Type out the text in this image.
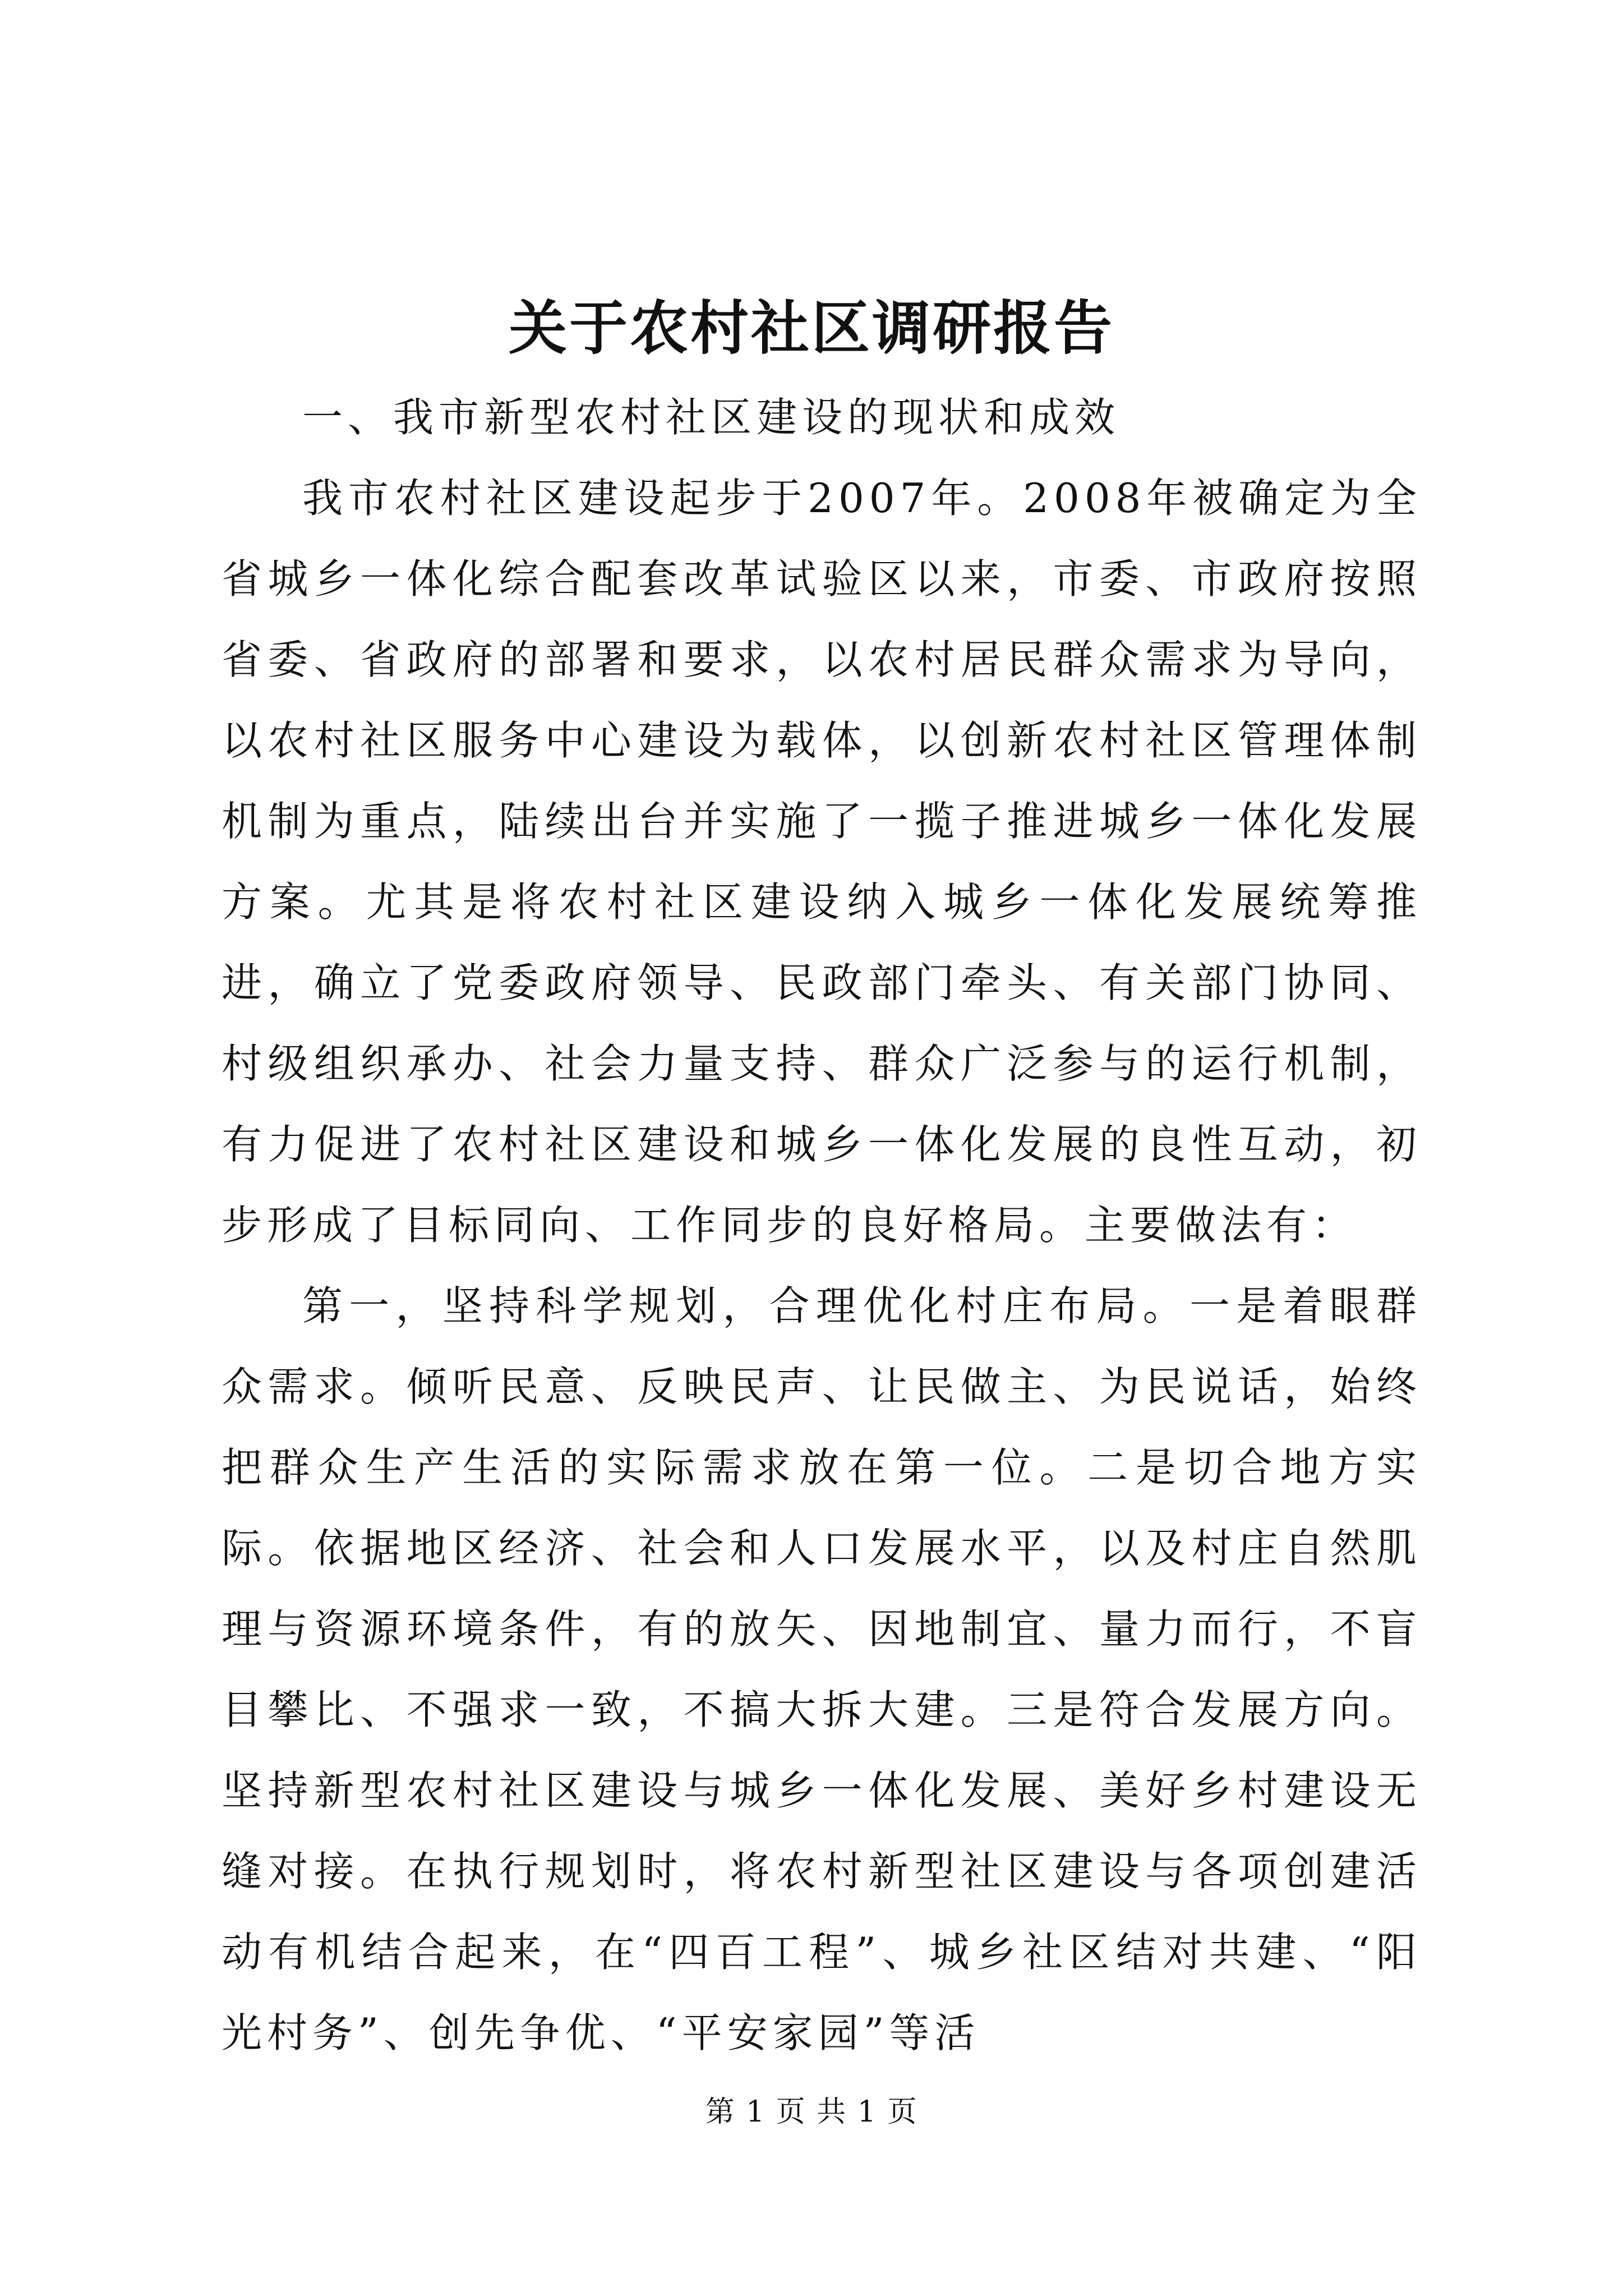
关于农村社区调研报告

一、我市新型农村社区建设的现状和成效

我市农村社区建设起步于2007年。2008年被确定为全省城乡一体化综合配套改革试验区以来，市委、市政府按照省委、省政府的部署和要求，以农村居民群众需求为导向，以农村社区服务中心建设为载体，以创新农村社区管理体制机制为重点，陆续出台并实施了一揽子推进城乡一体化发展方案。尤其是将农村社区建设纳入城乡一体化发展统筹推进，确立了党委政府领导、民政部门牵头、有关部门协同、村级组织承办、社会力量支持、群众广泛参与的运行机制，有力促进了农村社区建设和城乡一体化发展的良性互动，初步形成了目标同向、工作同步的良好格局。主要做法有：

第一，坚持科学规划，合理优化村庄布局。一是着眼群众需求。倾听民意、反映民声、让民做主、为民说话，始终把群众生产生活的实际需求放在第一位。二是切合地方实际。依据地区经济、社会和人口发展水平，以及村庄自然肌理与资源环境条件，有的放矢、因地制宜、量力而行，不盲目攀比、不强求一致，不搞大拆大建。三是符合发展方向。坚持新型农村社区建设与城乡一体化发展、美好乡村建设无缝对接。在执行规划时，将农村新型社区建设与各项创建活动有机结合起来，在“四百工程”、城乡社区结对共建、“阳光村务”、创先争优、“平安家园”等活

第 1 页 共 1 页
